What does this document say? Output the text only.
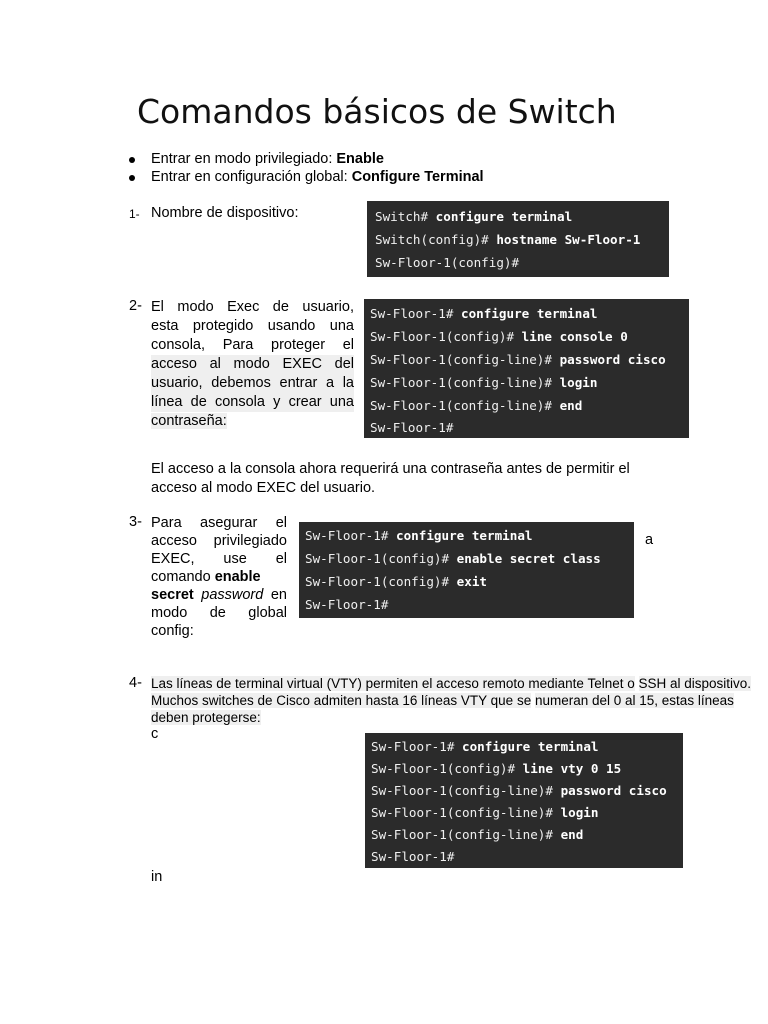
Comandos básicos de Switch
Entrar en modo privilegiado: Enable
Entrar en configuración global: Configure Terminal
1- Nombre de dispositivo:	Switch# configure terminal
Switch(config)# hostname Sw-Floor-1
Sw-Floor-1(config)#
2- El modo Exec de usuario,
esta protegido usando una
consola, Para proteger el
acceso al modo EXEC del
usuario, debemos entrar a la
línea de consola y crear una
contraseña:
Sw-Floor-1# configure terminal
Sw-Floor-1(config)# line console 0
Sw-Floor-1(config-line)# password cisco
Sw-Floor-1(config-line)# login
Sw-Floor-1(config-line)# end
Sw-Floor-1#
El acceso a la consola ahora requerirá una contraseña antes de permitir el
acceso al modo EXEC del usuario.
3- Para asegurar el
acceso privilegiado
EXEC, use el
comando enable
secret password en
modo de global
config:
Sw-Floor-1# configure terminal
Sw-Floor-1(config)# enable secret class
Sw-Floor-1(config)# exit
Sw-Floor-1#
a
4- Las líneas de terminal virtual (VTY) permiten el acceso remoto mediante Telnet o SSH al dispositivo. Muchos switches de Cisco admiten hasta 16 líneas VTY que se numeran del 0 al 15, estas líneas deben protegerse:
c
Sw-Floor-1# configure terminal
Sw-Floor-1(config)# line vty 0 15
Sw-Floor-1(config-line)# password cisco
Sw-Floor-1(config-line)# login
Sw-Floor-1(config-line)# end
Sw-Floor-1#
in
